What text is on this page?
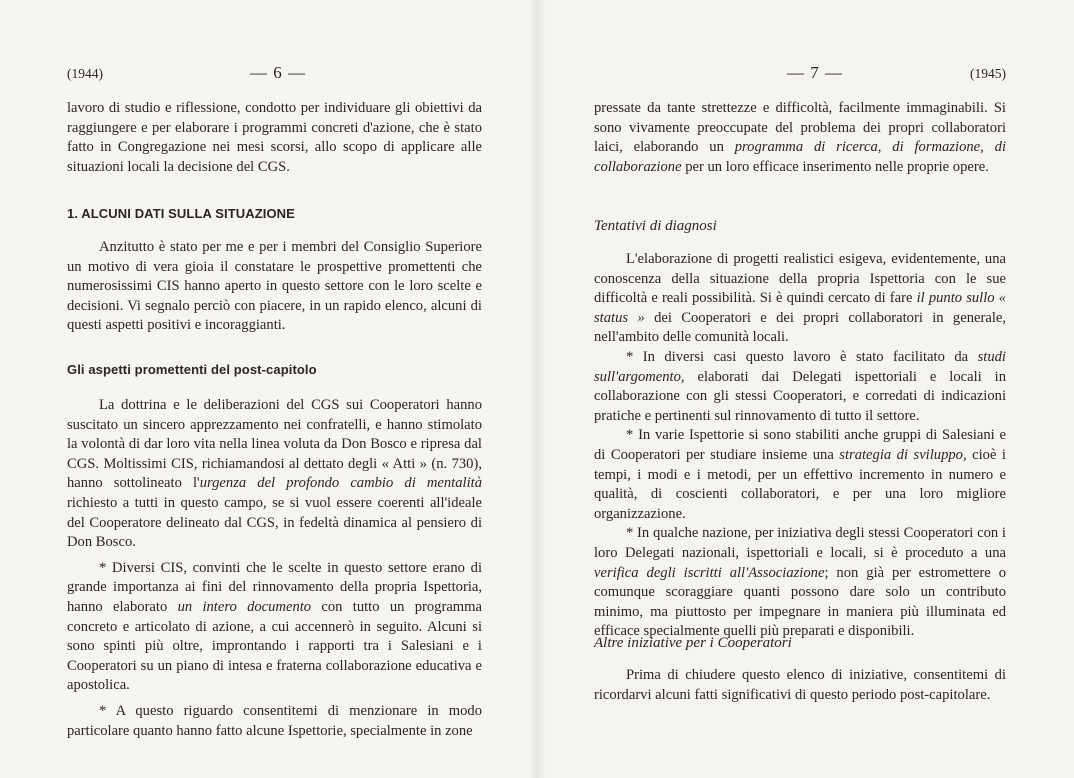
(1944)	— 6 —

lavoro di studio e riflessione, condotto per individuare gli obiettivi da raggiungere e per elaborare i programmi concreti d'azione, che è stato fatto in Congregazione nei mesi scorsi, allo scopo di applicare alle situazioni locali la decisione del CGS.

1. ALCUNI DATI SULLA SITUAZIONE

Anzitutto è stato per me e per i membri del Consiglio Superiore un motivo di vera gioia il constatare le prospettive promettenti che numerosissimi CIS hanno aperto in questo settore con le loro scelte e decisioni. Vi segnalo perciò con piacere, in un rapido elenco, alcuni di questi aspetti positivi e incoraggianti.

Gli aspetti promettenti del post-capitolo

La dottrina e le deliberazioni del CGS sui Cooperatori hanno suscitato un sincero apprezzamento nei confratelli, e hanno stimolato la volontà di dar loro vita nella linea voluta da Don Bosco e ripresa dal CGS. Moltissimi CIS, richiamandosi al dettato degli « Atti » (n. 730), hanno sottolineato l'urgenza del profondo cambio di mentalità richiesto a tutti in questo campo, se si vuol essere coerenti all'ideale del Cooperatore delineato dal CGS, in fedeltà dinamica al pensiero di Don Bosco.

* Diversi CIS, convinti che le scelte in questo settore erano di grande importanza ai fini del rinnovamento della propria Ispettoria, hanno elaborato un intero documento con tutto un programma concreto e articolato di azione, a cui accennerò in seguito. Alcuni si sono spinti più oltre, improntando i rapporti tra i Salesiani e i Cooperatori su un piano di intesa e fraterna collaborazione educativa e apostolica.

* A questo riguardo consentitemi di menzionare in modo particolare quanto hanno fatto alcune Ispettorie, specialmente in zone

— 7 —	(1945)

pressate da tante strettezze e difficoltà, facilmente immaginabili. Si sono vivamente preoccupate del problema dei propri collaboratori laici, elaborando un programma di ricerca, di formazione, di collaborazione per un loro efficace inserimento nelle proprie opere.

Tentativi di diagnosi

L'elaborazione di progetti realistici esigeva, evidentemente, una conoscenza della situazione della propria Ispettoria con le sue difficoltà e reali possibilità. Si è quindi cercato di fare il punto sullo « status » dei Cooperatori e dei propri collaboratori in generale, nell'ambito delle comunità locali.

* In diversi casi questo lavoro è stato facilitato da studi sull'argomento, elaborati dai Delegati ispettoriali e locali in collaborazione con gli stessi Cooperatori, e corredati di indicazioni pratiche e pertinenti sul rinnovamento di tutto il settore.

* In varie Ispettorie si sono stabiliti anche gruppi di Salesiani e di Cooperatori per studiare insieme una strategia di sviluppo, cioè i tempi, i modi e i metodi, per un effettivo incremento in numero e qualità, di coscienti collaboratori, e per una loro migliore organizzazione.

* In qualche nazione, per iniziativa degli stessi Cooperatori con i loro Delegati nazionali, ispettoriali e locali, si è proceduto a una verifica degli iscritti all'Associazione; non già per estromettere o comunque scoraggiare quanti possono dare solo un contributo minimo, ma piuttosto per impegnare in maniera più illuminata ed efficace specialmente quelli più preparati e disponibili.

Altre iniziative per i Cooperatori

Prima di chiudere questo elenco di iniziative, consentitemi di ricordarvi alcuni fatti significativi di questo periodo post-capitolare.
